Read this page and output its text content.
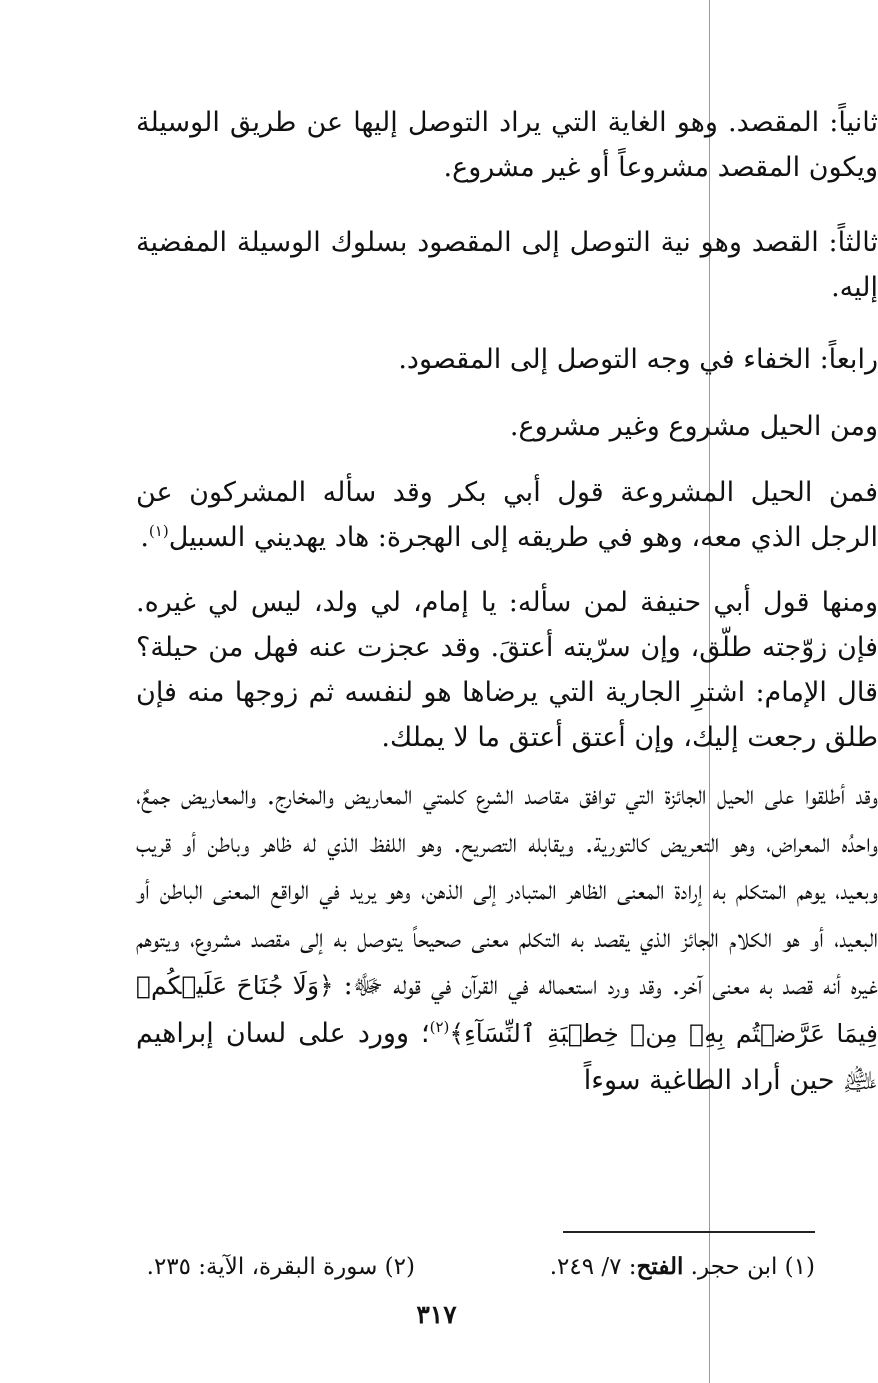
ثانياً: المقصد. وهو الغاية التي يراد التوصل إليها عن طريق الوسيلة ويكون المقصد مشروعاً أو غير مشروع.

ثالثاً: القصد وهو نية التوصل إلى المقصود بسلوك الوسيلة المفضية إليه.

رابعاً: الخفاء في وجه التوصل إلى المقصود.

ومن الحيل مشروع وغير مشروع.

فمن الحيل المشروعة قول أبي بكر وقد سأله المشركون عن الرجل الذي معه، وهو في طريقه إلى الهجرة: هاد يهديني السبيل$^{(١)}$.

ومنها قول أبي حنيفة لمن سأله: يا إمام، لي ولد، ليس لي غيره. فإن زوّجته طلّق، وإن سرّيته أعتقَ. وقد عجزت عنه فهل من حيلة؟ قال الإمام: اشترِ الجارية التي يرضاها هو لنفسه ثم زوجها منه فإن طلق رجعت إليك، وإن أعتق أعتق ما لا يملك.

وقد أطلقوا على الحيل الجائزة التي توافق مقاصد الشرع كلمتي المعاريض والمخارج. والمعاريض جمعٌ، واحدُه المعراض، وهو التعريض كالتورية. ويقابله التصريح. وهو اللفظ الذي له ظاهر وباطن أو قريب وبعيد، يوهم المتكلم به إرادة المعنى الظاهر المتبادر إلى الذهن، وهو يريد في الواقع المعنى الباطن أو البعيد، أو هو الكلام الجائز الذي يقصد به التكلم معنى صحيحاً يتوصل به إلى مقصد مشروع، ويتوهم غيره أنه قصد به معنى آخر. وقد ورد استعماله في القرآن في قوله ﷻ: ﴿وَلَا جُنَاحَ عَلَيۡكُمۡ فِيمَا عَرَّضۡتُم بِهِۦ مِنۡ خِطۡبَةِ ٱلنِّسَآءِ﴾$^{(٢)}$؛ وورد على لسان إبراهيم ﵇ حين أراد الطاغية سوءاً

(١) ابن حجر. الفتح: ٧/ ٢٤٩.
(٢) سورة البقرة، الآية: ٢٣٥.
٣١٧
